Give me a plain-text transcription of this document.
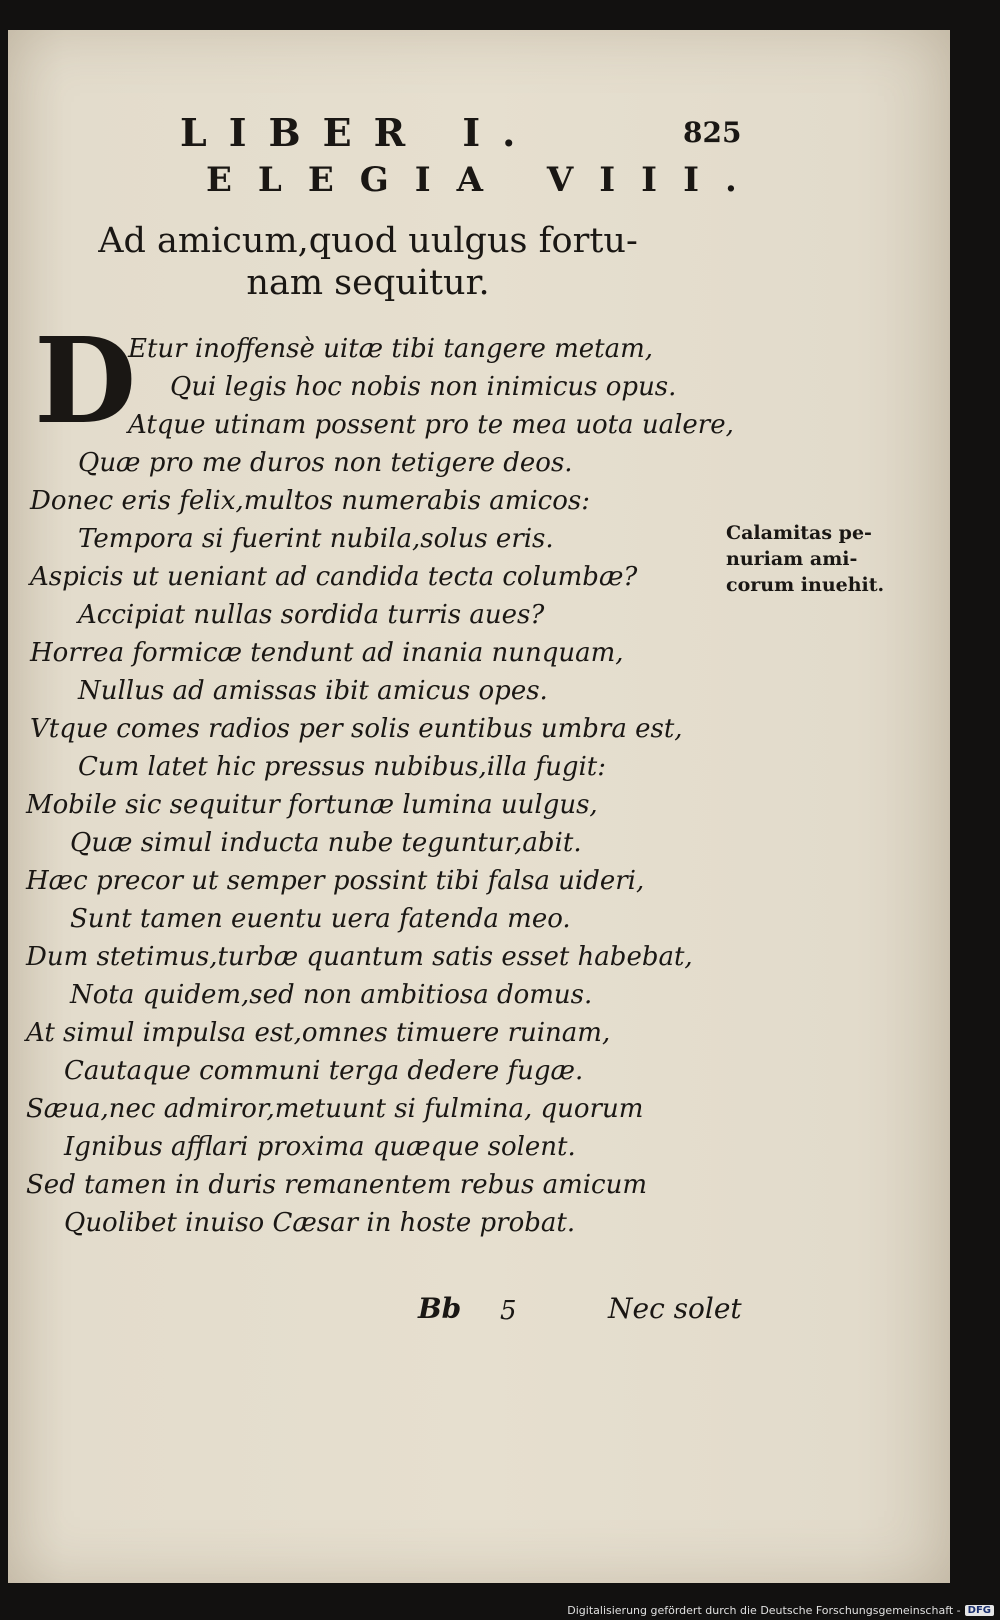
LIBER I.	825
ELEGIA VIII.
Ad amicum,quod uulgus fortu-
nam sequitur.
D
Etur inoffensè uitæ tibi tangere metam,
Qui legis hoc nobis non inimicus opus.
Atque utinam possent pro te mea uota ualere,
Quæ pro me duros non tetigere deos.
Donec eris felix,multos numerabis amicos:
Tempora si fuerint nubila,solus eris.
Aspicis ut ueniant ad candida tecta columbæ?
Accipiat nullas sordida turris aues?
Horrea formicæ tendunt ad inania nunquam,
Nullus ad amissas ibit amicus opes.
Vtque comes radios per solis euntibus umbra est,
Cum latet hic pressus nubibus,illa fugit:
Mobile sic sequitur fortunæ lumina uulgus,
Quæ simul inducta nube teguntur,abit.
Hæc precor ut semper possint tibi falsa uideri,
Sunt tamen euentu uera fatenda meo.
Dum stetimus,turbæ quantum satis esset habebat,
Nota quidem,sed non ambitiosa domus.
At simul impulsa est,omnes timuere ruinam,
Cautaque communi terga dedere fugæ.
Sæua,nec admiror,metuunt si fulmina, quorum
Ignibus afflari proxima quæque solent.
Sed tamen in duris remanentem rebus amicum
Quolibet inuiso Cæsar in hoste probat.
Calamitas pe-
nuriam ami-
corum inuehit.
Bb 5	Nec solet
Digitalisierung gefördert durch die Deutsche Forschungsgemeinschaft - DFG
